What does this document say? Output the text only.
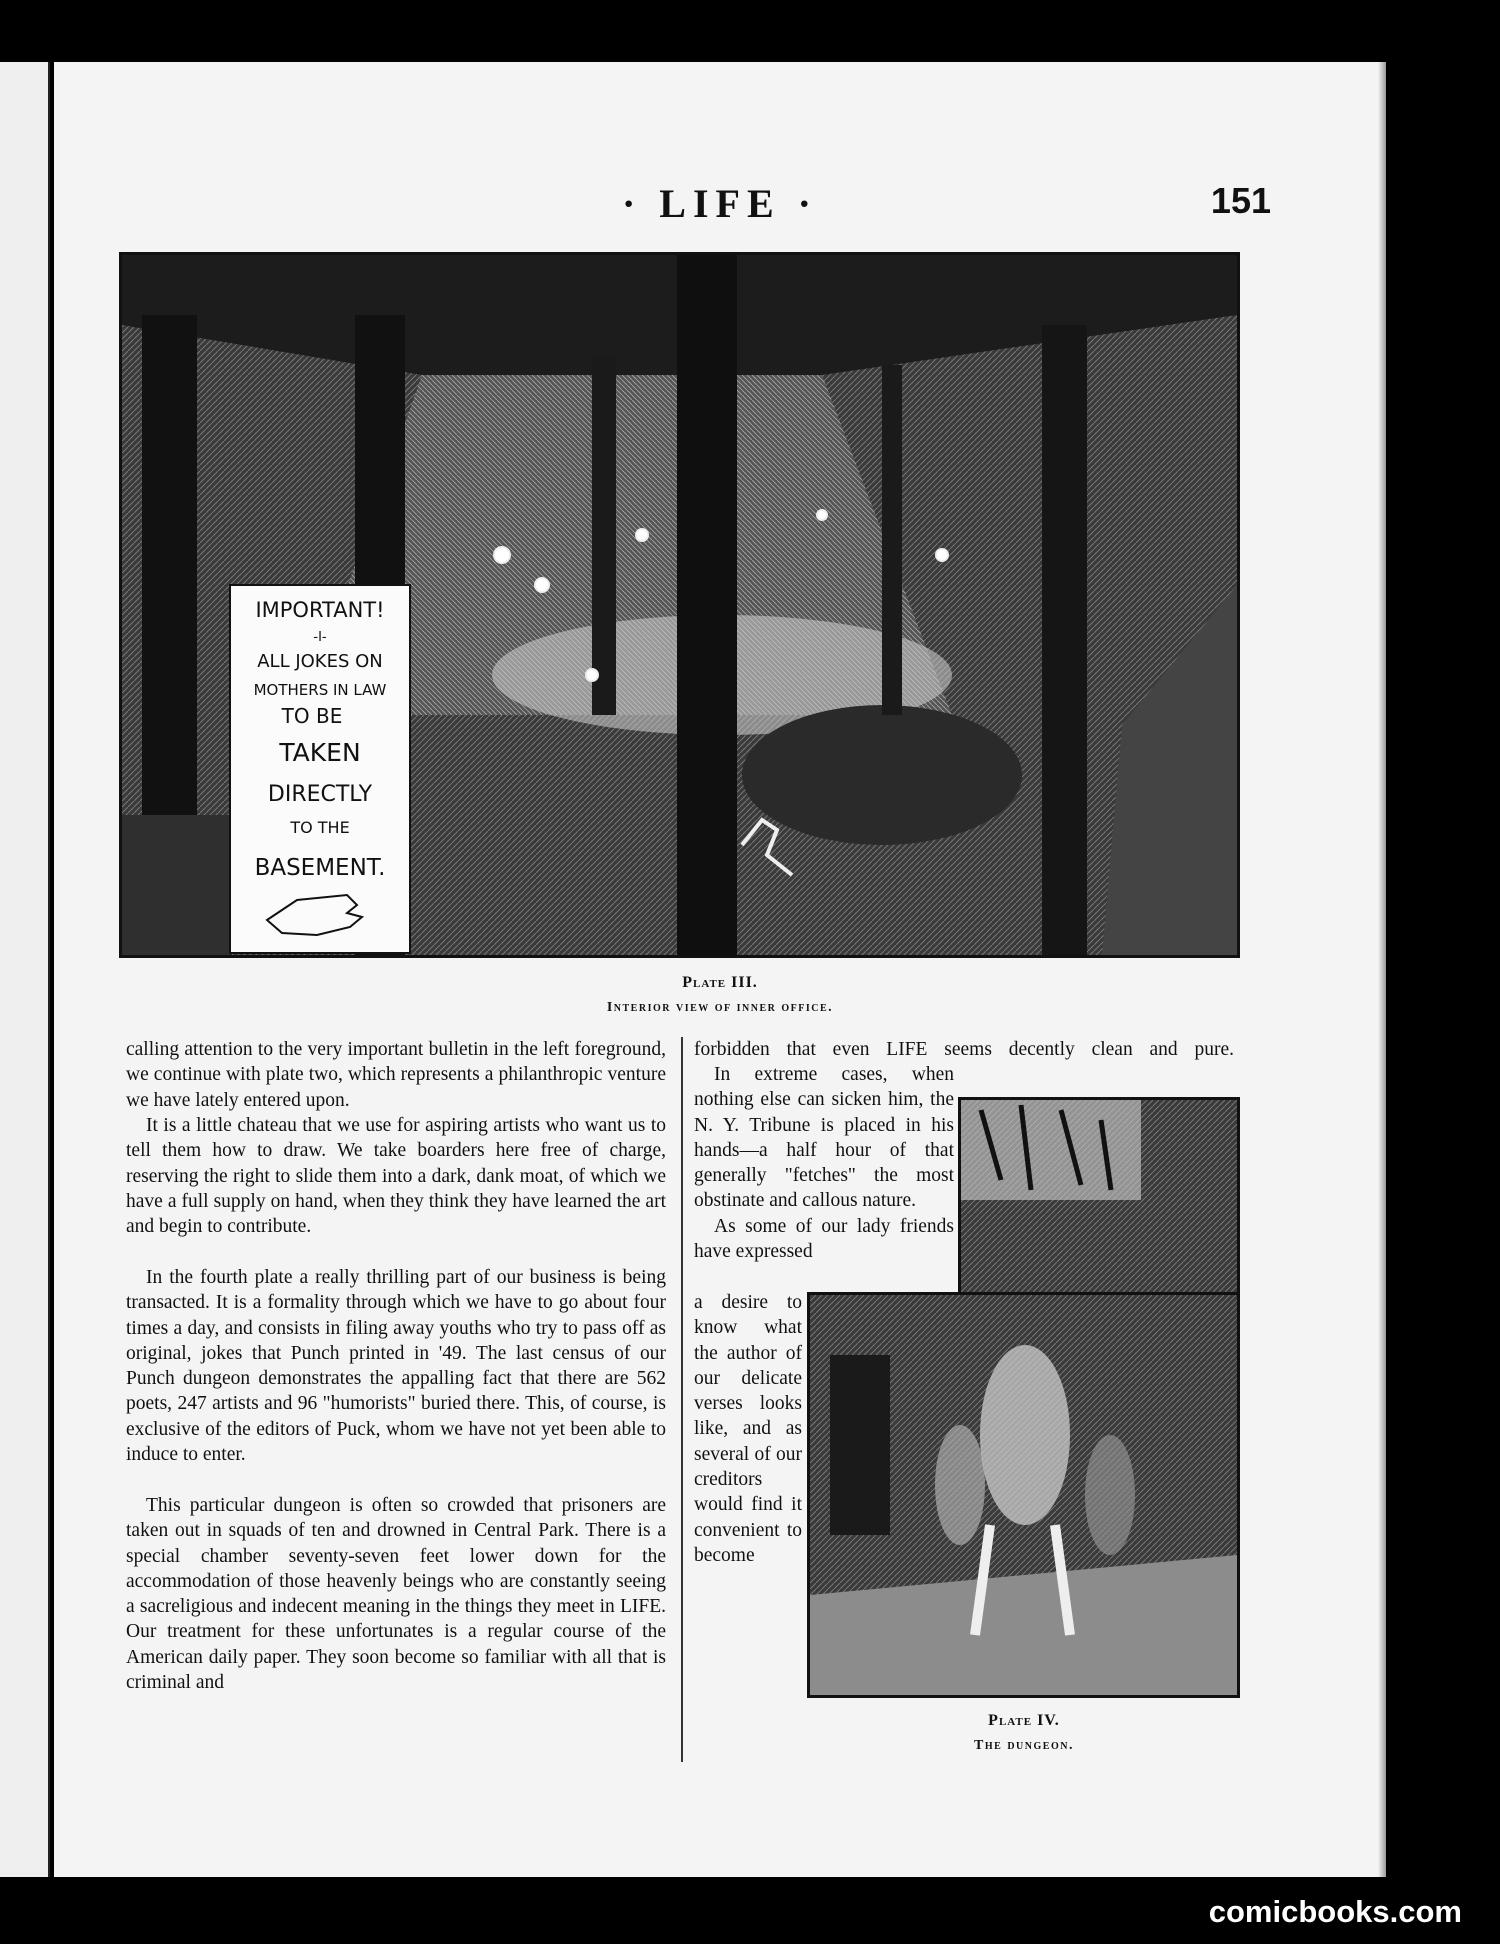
· LIFE ·	151
IMPORTANT!
-I-
ALL JOKES ON
MOTHERS IN LAW
TO BE
TAKEN
DIRECTLY
TO THE
BASEMENT.
Plate III.
Interior view of inner office.

calling attention to the very important bulletin in the left foreground, we continue with plate two, which represents a philanthropic venture we have lately entered upon.

It is a little chateau that we use for aspiring artists who want us to tell them how to draw. We take boarders here free of charge, reserving the right to slide them into a dark, dank moat, of which we have a full supply on hand, when they think they have learned the art and begin to contribute.

In the fourth plate a really thrilling part of our business is being transacted. It is a formality through which we have to go about four times a day, and consists in filing away youths who try to pass off as original, jokes that Punch printed in '49. The last census of our Punch dungeon demonstrates the appalling fact that there are 562 poets, 247 artists and 96 "humorists" buried there. This, of course, is exclusive of the editors of Puck, whom we have not yet been able to induce to enter.

This particular dungeon is often so crowded that prisoners are taken out in squads of ten and drowned in Central Park. There is a special chamber seventy-seven feet lower down for the accommodation of those heavenly beings who are constantly seeing a sacreligious and indecent meaning in the things they meet in LIFE. Our treatment for these unfortunates is a regular course of the American daily paper. They soon become so familiar with all that is criminal and

forbidden that even LIFE seems decently clean and pure.

In extreme cases, when nothing else can sicken him, the N. Y. Tribune is placed in his hands—a half hour of that generally "fetches" the most obstinate and callous nature.

As some of our lady friends have expressed

a desire to know what the author of our delicate verses looks like, and as several of our creditors would find it convenient to become

Plate IV.
The dungeon.
comicbooks.com
